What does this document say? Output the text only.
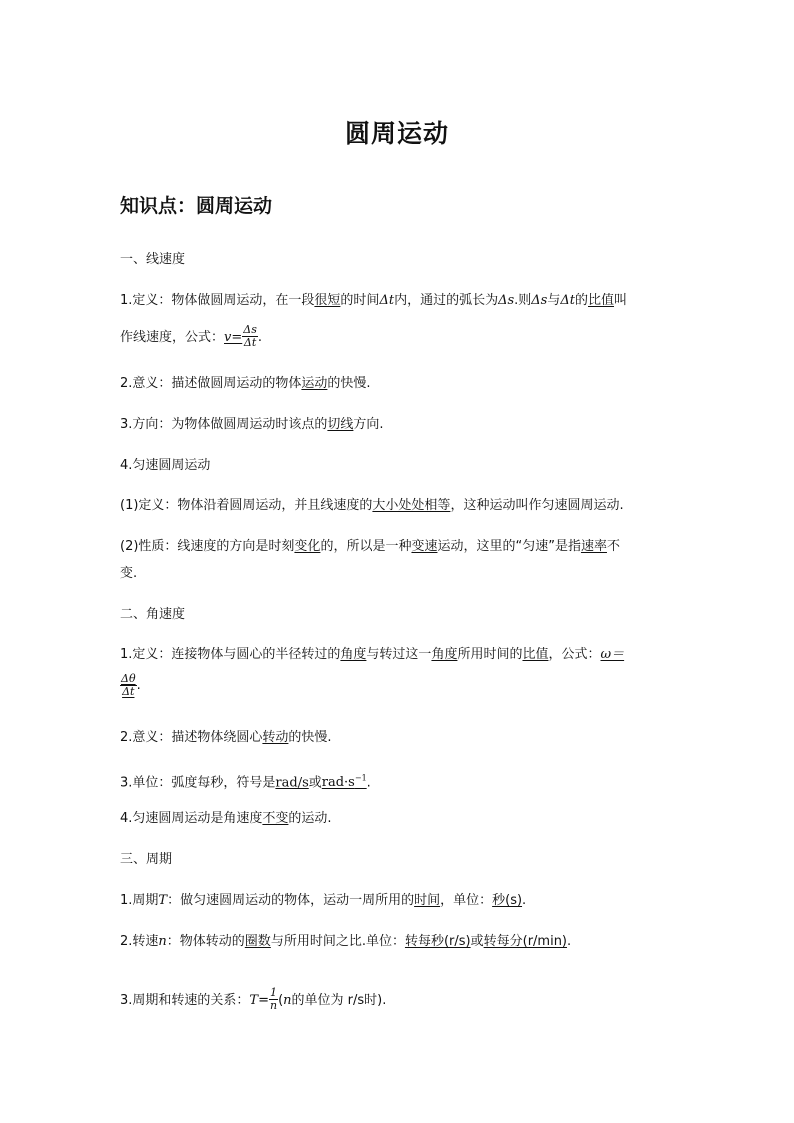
圆周运动
知识点：圆周运动
一、线速度
1.定义：物体做圆周运动，在一段很短的时间Δt内，通过的弧长为Δs.则Δs与Δt的比值叫
作线速度，公式：$v= \frac{\Delta s}{\Delta t}$ .
2.意义：描述做圆周运动的物体运动的快慢.
3.方向：为物体做圆周运动时该点的切线方向.
4.匀速圆周运动
(1)定义：物体沿着圆周运动，并且线速度的大小处处相等，这种运动叫作匀速圆周运动.
(2)性质：线速度的方向是时刻变化的，所以是一种变速运动，这里的“匀速”是指速率不
变.
二、角速度
1.定义：连接物体与圆心的半径转过的角度与转过这一角度所用时间的比值，公式：ω＝
$\frac{\Delta\theta}{\Delta t}$ .
2.意义：描述物体绕圆心转动的快慢.
3.单位：弧度每秒，符号是rad/s或$rad\cdot s^{-1}$.
4.匀速圆周运动是角速度不变的运动.
三、周期
1.周期T：做匀速圆周运动的物体，运动一周所用的时间，单位：秒(s).
2.转速n：物体转动的圈数与所用时间之比.单位：转每秒(r/s)或转每分(r/min).
3.周期和转速的关系：$T= \frac{1}{n} (n$的单位为 r/s时).
